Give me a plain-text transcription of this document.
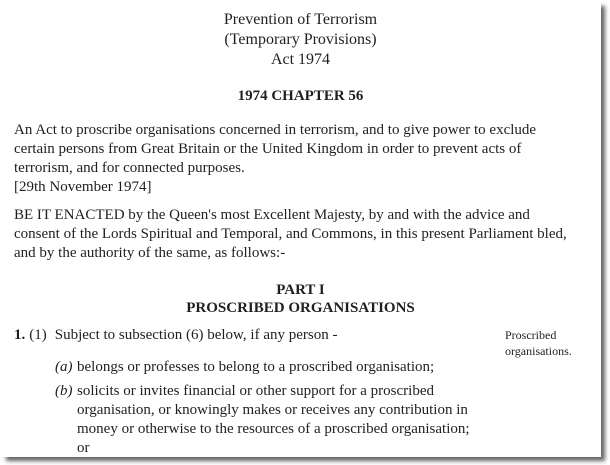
Prevention of Terrorism
(Temporary Provisions)
Act 1974
1974 CHAPTER 56
An Act to proscribe organisations concerned in terrorism, and to give power to exclude
certain persons from Great Britain or the United Kingdom in order to prevent acts of
terrorism, and for connected purposes.
[29th November 1974]
BE IT ENACTED by the Queen's most Excellent Majesty, by and with the advice and
consent of the Lords Spiritual and Temporal, and Commons, in this present Parliament bled,
and by the authority of the same, as follows:-
PART I
PROSCRIBED ORGANISATIONS
1. (1) Subject to subsection (6) below, if any person -	Proscribed
organisations.
(a) belongs or professes to belong to a proscribed organisation;
(b) solicits or invites financial or other support for a proscribed
organisation, or knowingly makes or receives any contribution in
money or otherwise to the resources of a proscribed organisation;
or
